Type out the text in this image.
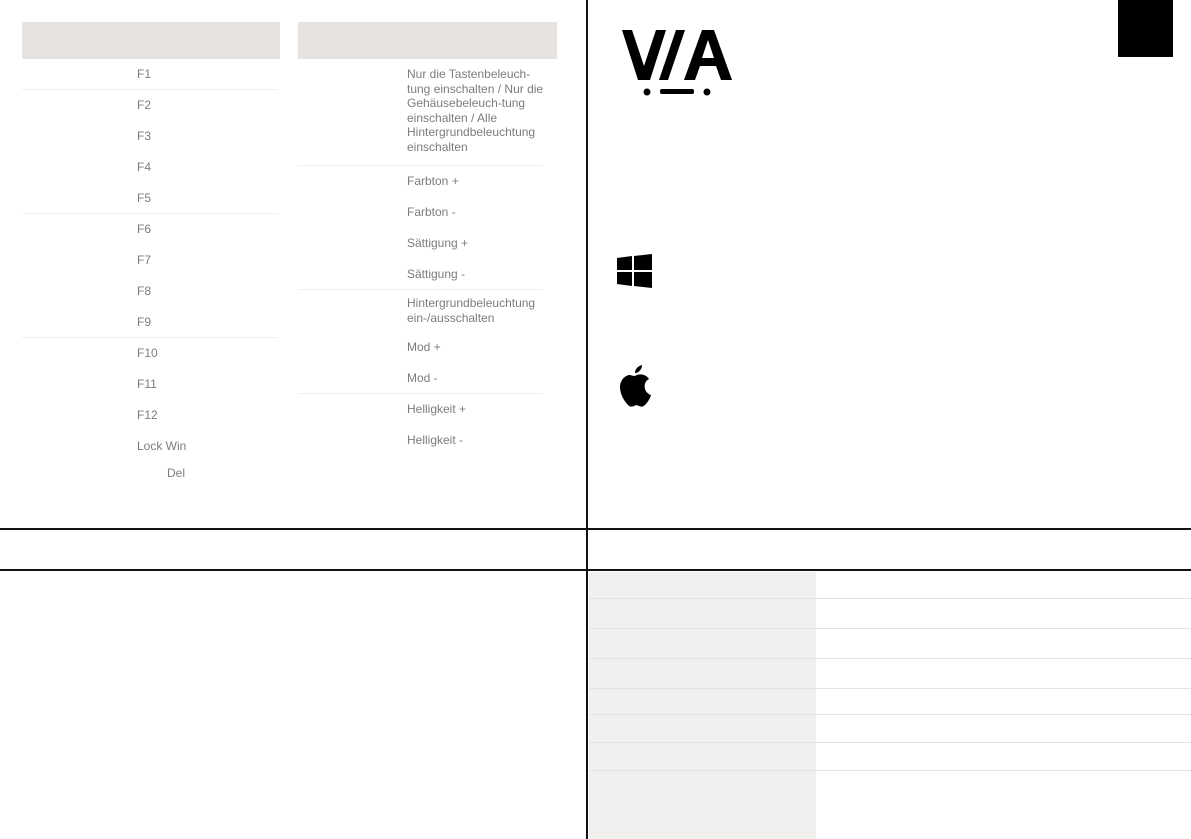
F1
F2
F3
F4
F5
F6
F7
F8
F9
F10
F11
F12
Lock Win
Del
Nur die Tastenbeleuch-tung einschalten / Nur die Gehäusebeleuch-tung einschalten / Alle Hintergrundbeleuchtung einschalten
Farbton +
Farbton -
Sättigung +
Sättigung -
Hintergrundbeleuchtung ein-/ausschalten
Mod +
Mod -
Helligkeit +
Helligkeit -
